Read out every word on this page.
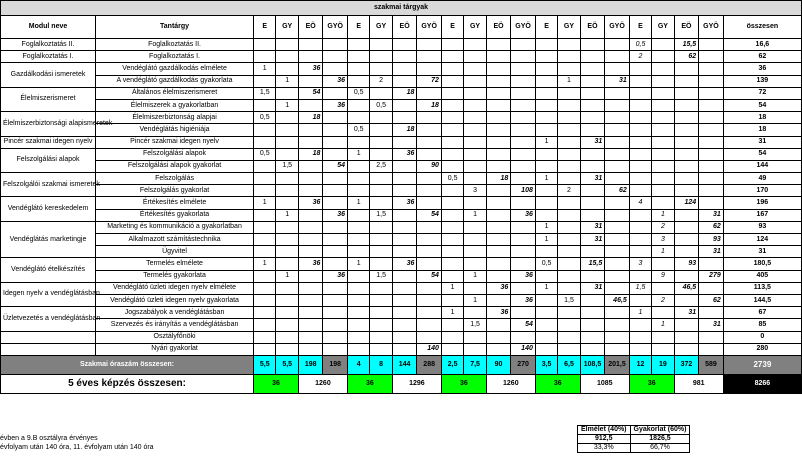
szakmai tárgyak																						
Modul neve	Tantárgy	E	GY	EÖ	GYÖ	E	GY	EÖ	GYÖ	E	GY	EÖ	GYÖ	E	GY	EÖ	GYÖ	E	GY	EÖ	GYÖ	összesen
Foglalkoztatás II.	Foglalkoztatás II.																	0,5		15,5		16,6
Foglalkoztatás I.	Foglalkoztatás I.																	2		62		62
Gazdálkodási ismeretek	Vendéglátó gazdálkodás elmélete	1		36																		36
	A vendéglátó gazdálkodás gyakorlata		1		36		2		72						1		31					139
Élelmiszerismeret	Általános élelmiszerismeret	1,5		54		0,5		18														72
	Élelmiszerek a gyakorlatban		1		36		0,5		18													54
Élelmiszerbiztonsági alapismeretek	Élelmiszerbiztonság alapjai	0,5		18																		18
	Vendéglátás higiéniája					0,5		18														18
Pincér szakmai idegen nyelv	Pincér szakmai idegen nyelv													1		31						31
Felszolgálási alapok	Felszolgálási alapok	0,5		18		1		36														54
	Felszolgálási alapok gyakorlat		1,5		54		2,5		90													144
Felszolgálói szakmai ismeretek	Felszolgálás									0,5		18		1		31						49
	Felszolgálás gyakorlat										3		108		2		62					170
Vendéglátó kereskedelem	Értékesítés elmélete	1		36		1		36										4		124		196
	Értékesítés gyakorlata		1		36		1,5		54		1		36						1		31	167
Vendéglátás marketingje	Marketing és kommunikáció a gyakorlatban													1		31			2		62	93
	Alkalmazott számítástechnika													1		31			3		93	124
	Ügyvitel																		1		31	31
Vendéglátó ételkészítés	Termelés elmélete	1		36		1		36						0,5		15,5		3		93		180,5
	Termelés gyakorlata		1		36		1,5		54		1		36						9		279	405
Idegen nyelv a vendéglátásban	Vendéglátó üzleti idegen nyelv elmélete									1		36		1		31		1,5		46,5		113,5
	Vendéglátó üzleti idegen nyelv gyakorlata										1		36		1,5		46,5		2		62	144,5
Üzletvezetés a vendéglátásban	Jogszabályok a vendéglátásban									1		36						1		31		67
	Szervezés és irányítás a vendéglátásban										1,5		54						1		31	85
	Osztályfőnöki																					0
	Nyári gyakorlat								140				140									280
Szakmai óraszám összesen:		5,5	5,5	198	198	4	8	144	288	2,5	7,5	90	270	3,5	6,5	108,5	201,5	12	19	372	589	2739
5 éves képzés összesen:		36		1260		36		1296		36		1260		36		1085		36		981		8266
évben a 9.B osztályra érvényes
évfolyam után 140 óra, 11. évfolyam után 140 óra
Elmélet (40%)	Gyakorlat (60%)
912,5	1826,5
33,3%	66,7%
